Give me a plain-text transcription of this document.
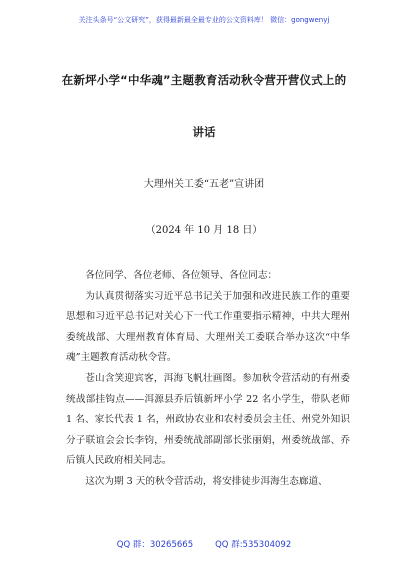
关注头条号“公文研究”，获得最新最全最专业的公文资料库！ 微信：gongwenyj
在新坪小学“中华魂”主题教育活动秋令营开营仪式上的
讲话
大理州关工委“五老”宣讲团
（2024 年 10 月 18 日）

各位同学、各位老师、各位领导、各位同志：

为认真贯彻落实习近平总书记关于加强和改进民族工作的重要思想和习近平总书记对关心下一代工作重要指示精神，中共大理州委统战部、大理州教育体育局、大理州关工委联合举办这次“中华魂”主题教育活动秋令营。

苍山含笑迎宾客，洱海飞帆壮画图。参加秋令营活动的有州委统战部挂钩点——洱源县乔后镇新坪小学 22 名小学生，带队老师 1 名、家长代表 1 名，州政协农业和农村委员会主任、州党外知识分子联谊会会长李钧，州委统战部副部长张丽娟，州委统战部、乔后镇人民政府相关同志。

这次为期 3 天的秋令营活动，将安排徒步洱海生态廊道、

QQ 群：30265665	QQ 群:535304092
